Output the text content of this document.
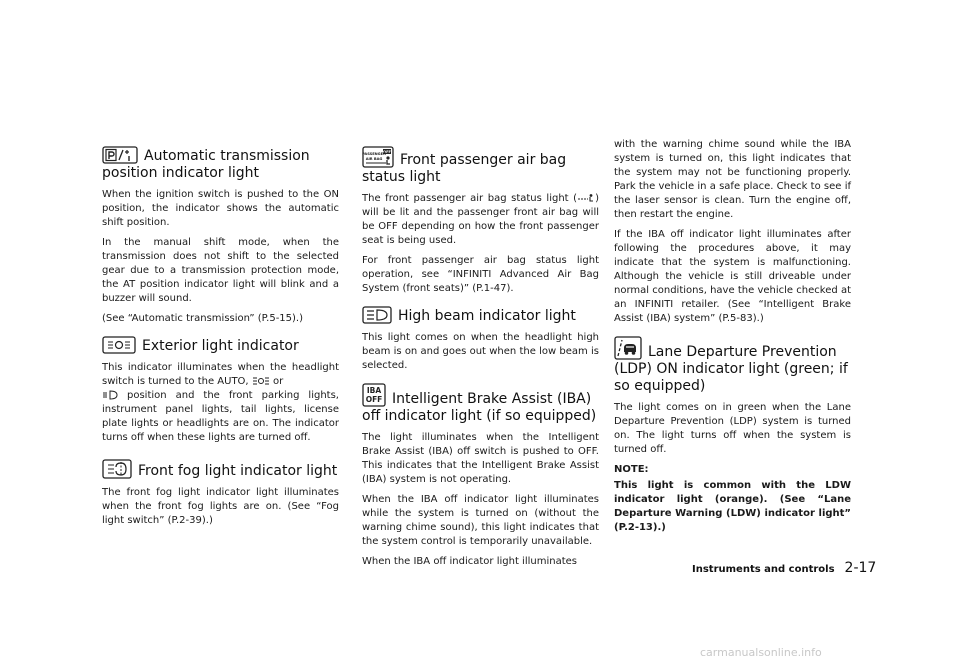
Automatic transmission position indicator light

When the ignition switch is pushed to the ON position, the indicator shows the automatic shift position.

In the manual shift mode, when the transmission does not shift to the selected gear due to a transmission protection mode, the AT position indicator light will blink and a buzzer will sound.

(See “Automatic transmission” (P.5-15).)

Exterior light indicator

This indicator illuminates when the headlight switch is turned to the AUTO, or
position and the front parking lights, instrument panel lights, tail lights, license plate lights or headlights are on. The indicator turns off when these lights are turned off.

Front fog light indicator light

The front fog light indicator light illuminates when the front fog lights are on. (See “Fog light switch” (P.2-39).)

OFF
PASSENGER
AIR BAG Front passenger air bag status light

The front passenger air bag status light ( ) will be lit and the passenger front air bag will be OFF depending on how the front passenger seat is being used.

For front passenger air bag status light operation, see “INFINITI Advanced Air Bag System (front seats)” (P.1-47).

High beam indicator light

This light comes on when the headlight high beam is on and goes out when the low beam is selected.

IBA
OFF Intelligent Brake Assist (IBA) off indicator light (if so equipped)

The light illuminates when the Intelligent Brake Assist (IBA) off switch is pushed to OFF. This indicates that the Intelligent Brake Assist (IBA) system is not operating.

When the IBA off indicator light illuminates while the system is turned on (without the warning chime sound), this light indicates that the system control is temporarily unavailable.

When the IBA off indicator light illuminates

with the warning chime sound while the IBA system is turned on, this light indicates that the system may not be functioning properly. Park the vehicle in a safe place. Check to see if the laser sensor is clean. Turn the engine off, then restart the engine.

If the IBA off indicator light illuminates after following the procedures above, it may indicate that the system is malfunctioning. Although the vehicle is still driveable under normal conditions, have the vehicle checked at an INFINITI retailer. (See “Intelligent Brake Assist (IBA) system” (P.5-83).)

Lane Departure Prevention (LDP) ON indicator light (green; if so equipped)

The light comes on in green when the Lane Departure Prevention (LDP) system is turned on. The light turns off when the system is turned off.

NOTE:

This light is common with the LDW indicator light (orange). (See “Lane Departure Warning (LDW) indicator light” (P.2-13).)

Instruments and controls 2-17
carmanualsonline.info
